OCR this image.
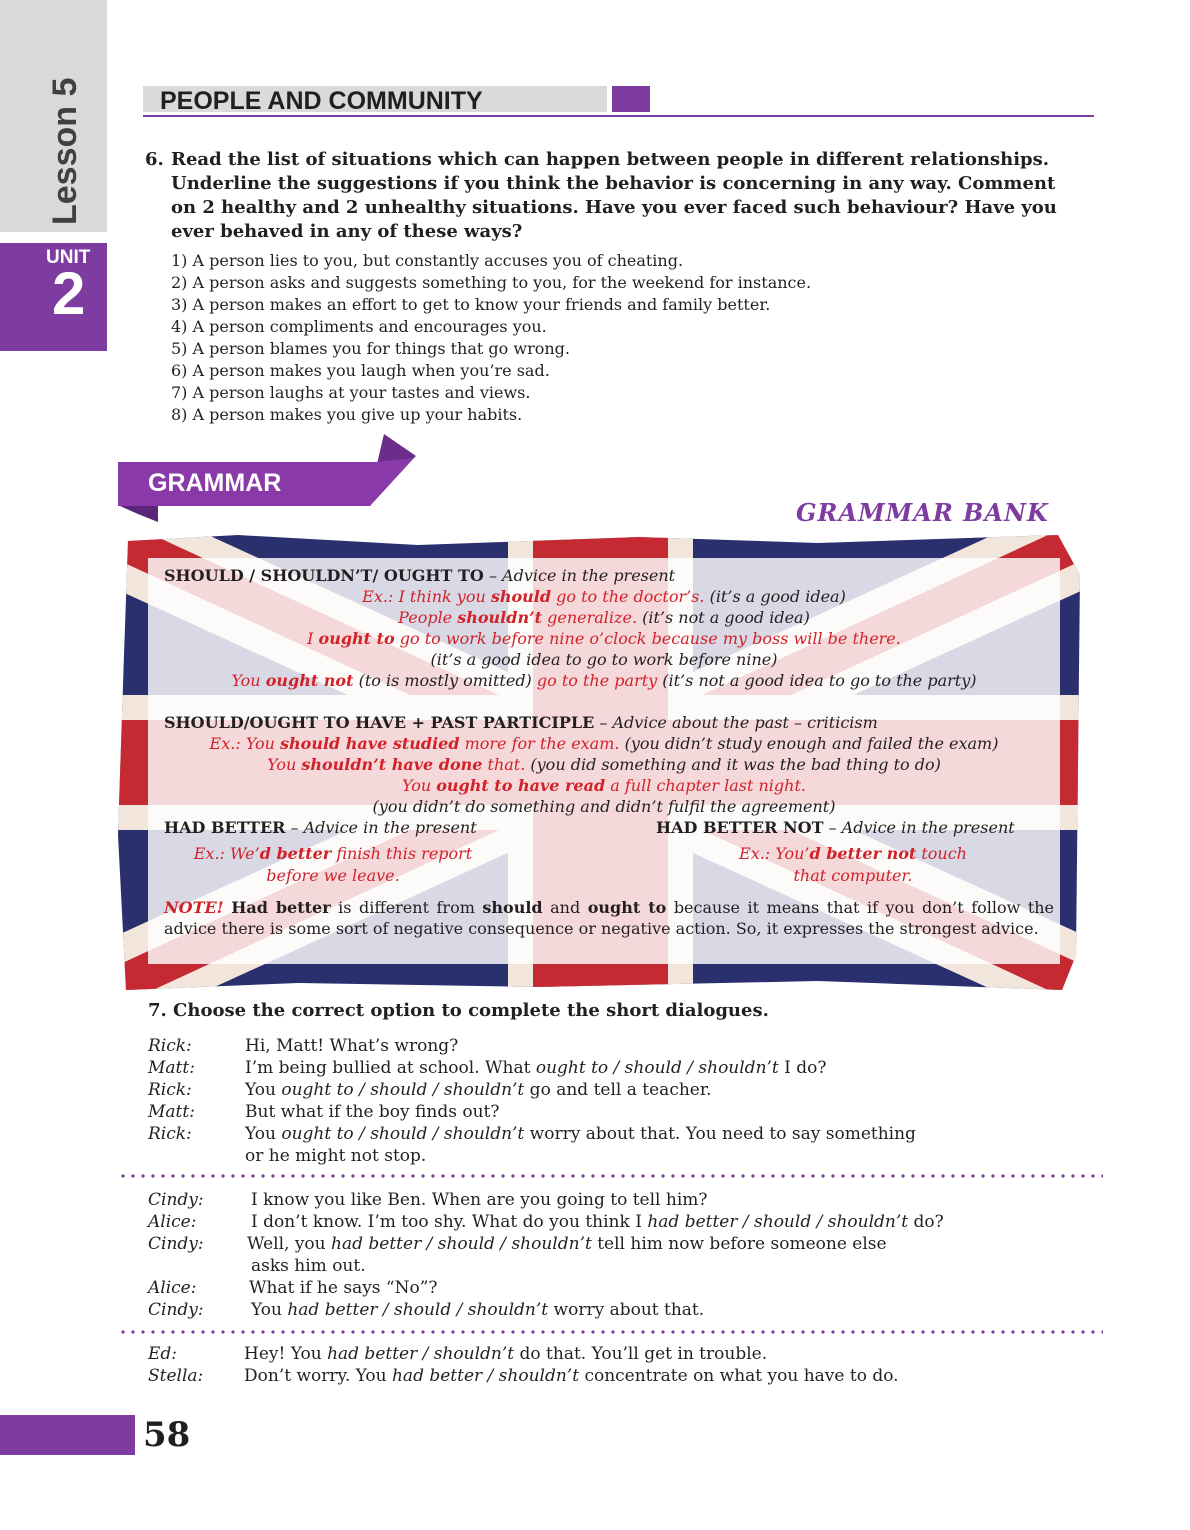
Lesson 5
UNIT
2
PEOPLE AND COMMUNITY
6. Read the list of situations which can happen between people in different relationships. Underline the suggestions if you think the behavior is concerning in any way. Comment on 2 healthy and 2 unhealthy situations. Have you ever faced such behaviour? Have you ever behaved in any of these ways?
1) A person lies to you, but constantly accuses you of cheating.
2) A person asks and suggests something to you, for the weekend for instance.
3) A person makes an effort to get to know your friends and family better.
4) A person compliments and encourages you.
5) A person blames you for things that go wrong.
6) A person makes you laugh when you’re sad.
7) A person laughs at your tastes and views.
8) A person makes you give up your habits.
GRAMMAR
GRAMMAR BANK
SHOULD / SHOULDN’T/ OUGHT TO – Advice in the present
Ex.: I think you should go to the doctor’s. (it’s a good idea)
People shouldn’t generalize. (it’s not a good idea)
I ought to go to work before nine o’clock because my boss will be there.
(it’s a good idea to go to work before nine)
You ought not (to is mostly omitted) go to the party (it’s not a good idea to go to the party)
SHOULD/OUGHT TO HAVE + PAST PARTICIPLE – Advice about the past – criticism
Ex.: You should have studied more for the exam. (you didn’t study enough and failed the exam)
You shouldn’t have done that. (you did something and it was the bad thing to do)
You ought to have read a full chapter last night.
(you didn’t do something and didn’t fulfil the agreement)
HAD BETTER – Advice in the present	HAD BETTER NOT – Advice in the present
Ex.: We’d better finish this report
before we leave.
Ex.: You’d better not touch
that computer.
NOTE! Had better is different from should and ought to because it means that if you don’t follow the advice there is some sort of negative consequence or negative action. So, it expresses the strongest advice.
7. Choose the correct option to complete the short dialogues.
Rick:	Hi, Matt! What’s wrong?
Matt:	I’m being bullied at school. What ought to / should / shouldn’t I do?
Rick:	You ought to / should / shouldn’t go and tell a teacher.
Matt:	But what if the boy finds out?
Rick:	You ought to / should / shouldn’t worry about that. You need to say something
or he might not stop.
Cindy:	I know you like Ben. When are you going to tell him?
Alice:	I don’t know. I’m too shy. What do you think I had better / should / shouldn’t do?
Cindy:	Well, you had better / should / shouldn’t tell him now before someone else
asks him out.
Alice:	What if he says “No”?
Cindy:	You had better / should / shouldn’t worry about that.
Ed:	Hey! You had better / shouldn’t do that. You’ll get in trouble.
Stella: Don’t worry. You had better / shouldn’t concentrate on what you have to do.
58
